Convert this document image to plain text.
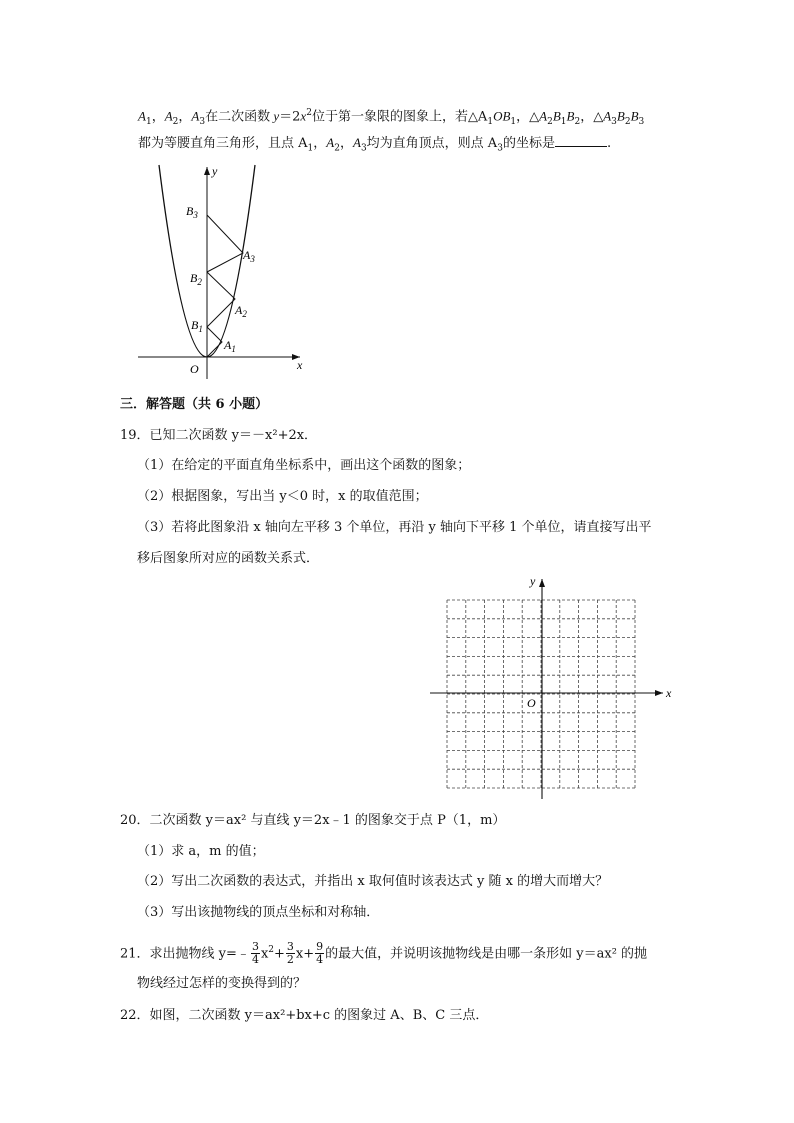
$A_1$，$A_2$，$A_3$在二次函数 $y=2x^2$位于第一象限的图象上，若$\triangle A_1OB_1$，$\triangle A_2B_1B_2$，$\triangle A_3B_2B_3$
都为等腰直角三角形，且点 $A_1$，$A_2$，$A_3$均为直角顶点，则点 $A_3$的坐标是	.
y
x
O
$B_3$
$B_2$
$B_1$
$A_3$
$A_2$
$A_1$
三．解答题（共 6 小题）
19．已知二次函数 y＝－x²+2x．
（1）在给定的平面直角坐标系中，画出这个函数的图象；
（2）根据图象，写出当 y＜0 时，x 的取值范围；
（3）若将此图象沿 x 轴向左平移 3 个单位，再沿 y 轴向下平移 1 个单位，请直接写出平
移后图象所对应的函数关系式．
x
y
O
20．二次函数 y＝ax² 与直线 y＝2x﹣1 的图象交于点 P（1，m）
（1）求 a，m 的值；
（2）写出二次函数的表达式，并指出 x 取何值时该表达式 y 随 x 的增大而增大？
（3）写出该抛物线的顶点坐标和对称轴．
21．求出抛物线 y=﹣ $\frac{3}{4} x^2+ \frac{3}{2} x+ \frac{9}{4}$ 的最大值，并说明该抛物线是由哪一条形如 y＝ax² 的抛
物线经过怎样的变换得到的？
22．如图，二次函数 y＝ax²+bx+c 的图象过 A、B、C 三点．
